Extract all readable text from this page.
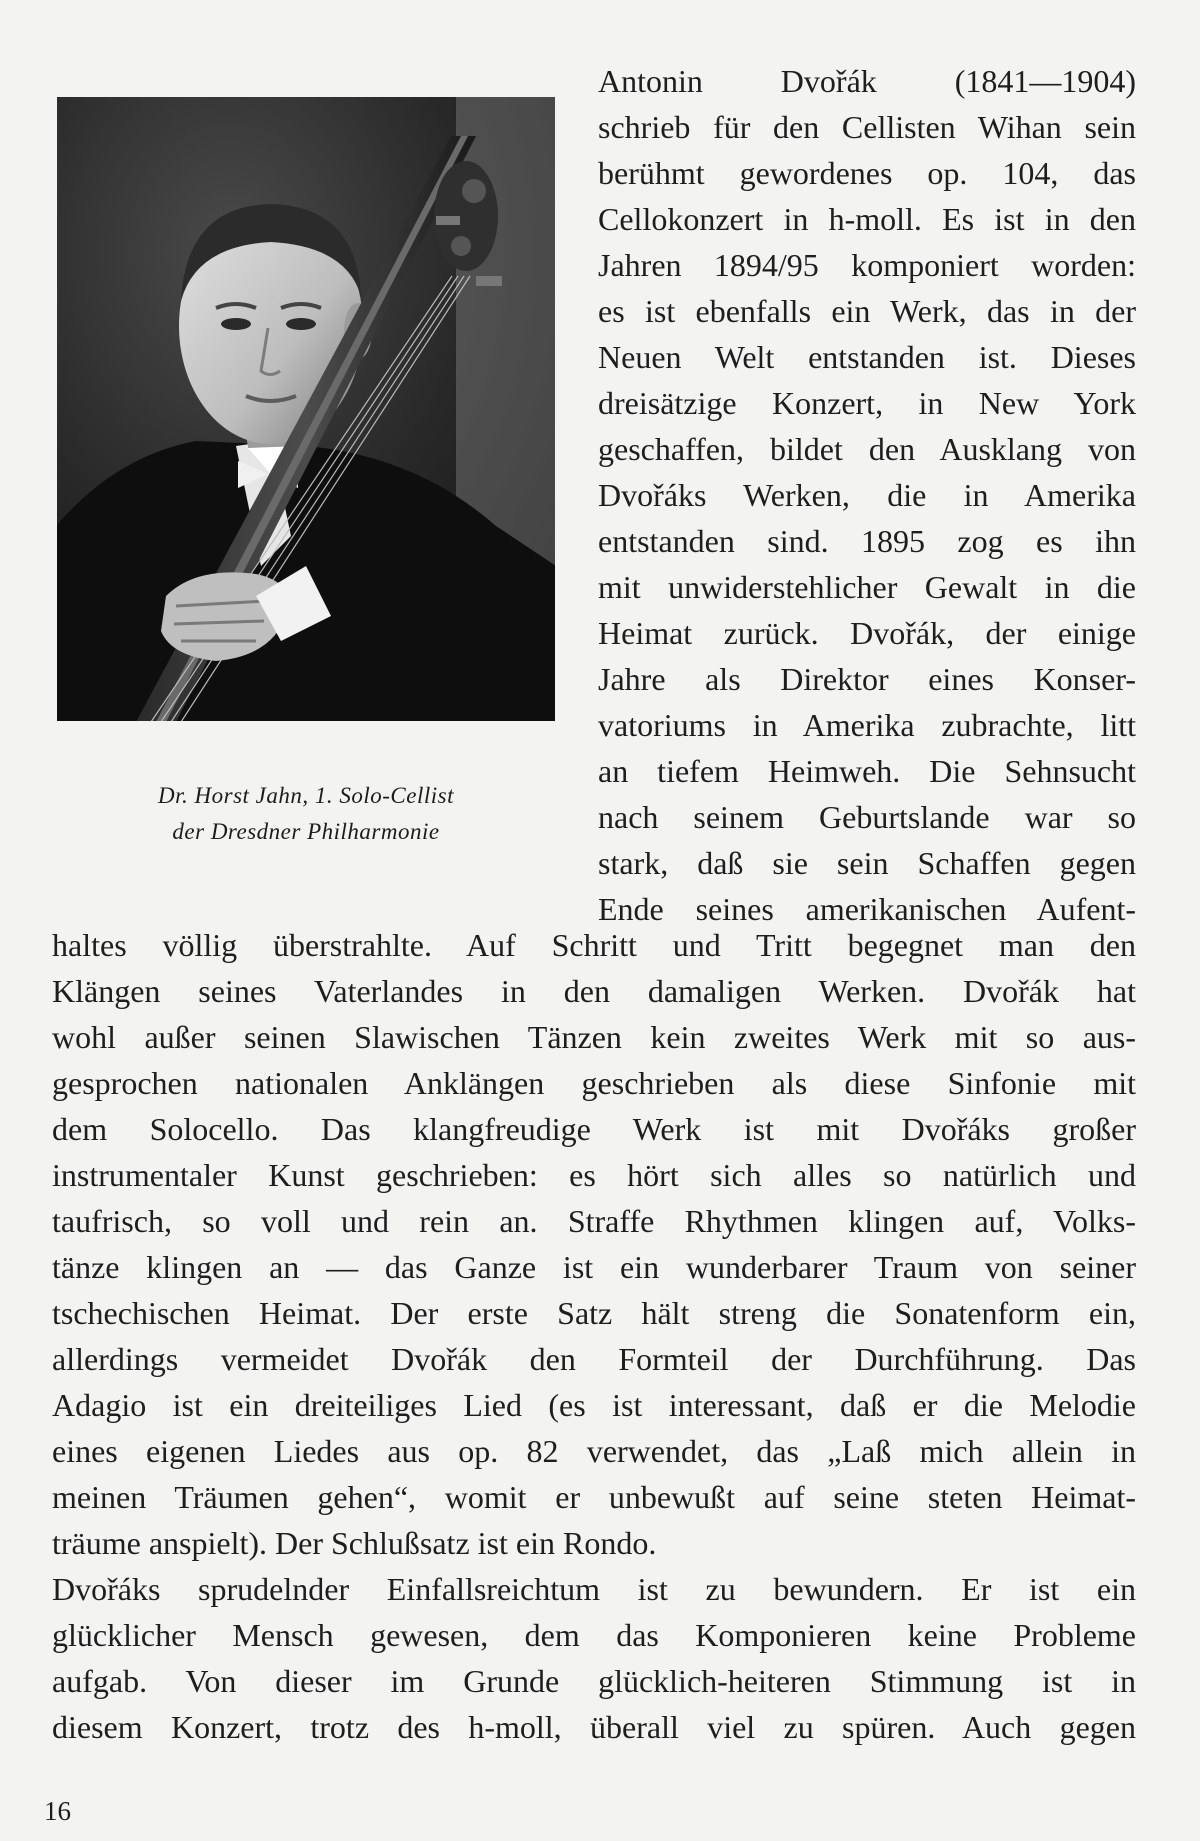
Dr. Horst Jahn, 1. Solo-Cellist
der Dresdner Philharmonie
Antonin Dvořák (1841—1904)
schrieb für den Cellisten Wihan sein
berühmt gewordenes op. 104, das
Cellokonzert in h-moll. Es ist in den
Jahren 1894/95 komponiert worden:
es ist ebenfalls ein Werk, das in der
Neuen Welt entstanden ist. Dieses
dreisätzige Konzert, in New York
geschaffen, bildet den Ausklang von
Dvořáks Werken, die in Amerika
entstanden sind. 1895 zog es ihn
mit unwiderstehlicher Gewalt in die
Heimat zurück. Dvořák, der einige
Jahre als Direktor eines Konser-
vatoriums in Amerika zubrachte, litt
an tiefem Heimweh. Die Sehnsucht
nach seinem Geburtslande war so
stark, daß sie sein Schaffen gegen
Ende seines amerikanischen Aufent-
haltes völlig überstrahlte. Auf Schritt und Tritt begegnet man den
Klängen seines Vaterlandes in den damaligen Werken. Dvořák hat
wohl außer seinen Slawischen Tänzen kein zweites Werk mit so aus-
gesprochen nationalen Anklängen geschrieben als diese Sinfonie mit
dem Solocello. Das klangfreudige Werk ist mit Dvořáks großer
instrumentaler Kunst geschrieben: es hört sich alles so natürlich und
taufrisch, so voll und rein an. Straffe Rhythmen klingen auf, Volks-
tänze klingen an — das Ganze ist ein wunderbarer Traum von seiner
tschechischen Heimat. Der erste Satz hält streng die Sonatenform ein,
allerdings vermeidet Dvořák den Formteil der Durchführung. Das
Adagio ist ein dreiteiliges Lied (es ist interessant, daß er die Melodie
eines eigenen Liedes aus op. 82 verwendet, das „Laß mich allein in
meinen Träumen gehen“, womit er unbewußt auf seine steten Heimat-
träume anspielt). Der Schlußsatz ist ein Rondo.
Dvořáks sprudelnder Einfallsreichtum ist zu bewundern. Er ist ein
glücklicher Mensch gewesen, dem das Komponieren keine Probleme
aufgab. Von dieser im Grunde glücklich-heiteren Stimmung ist in
diesem Konzert, trotz des h-moll, überall viel zu spüren. Auch gegen
16
